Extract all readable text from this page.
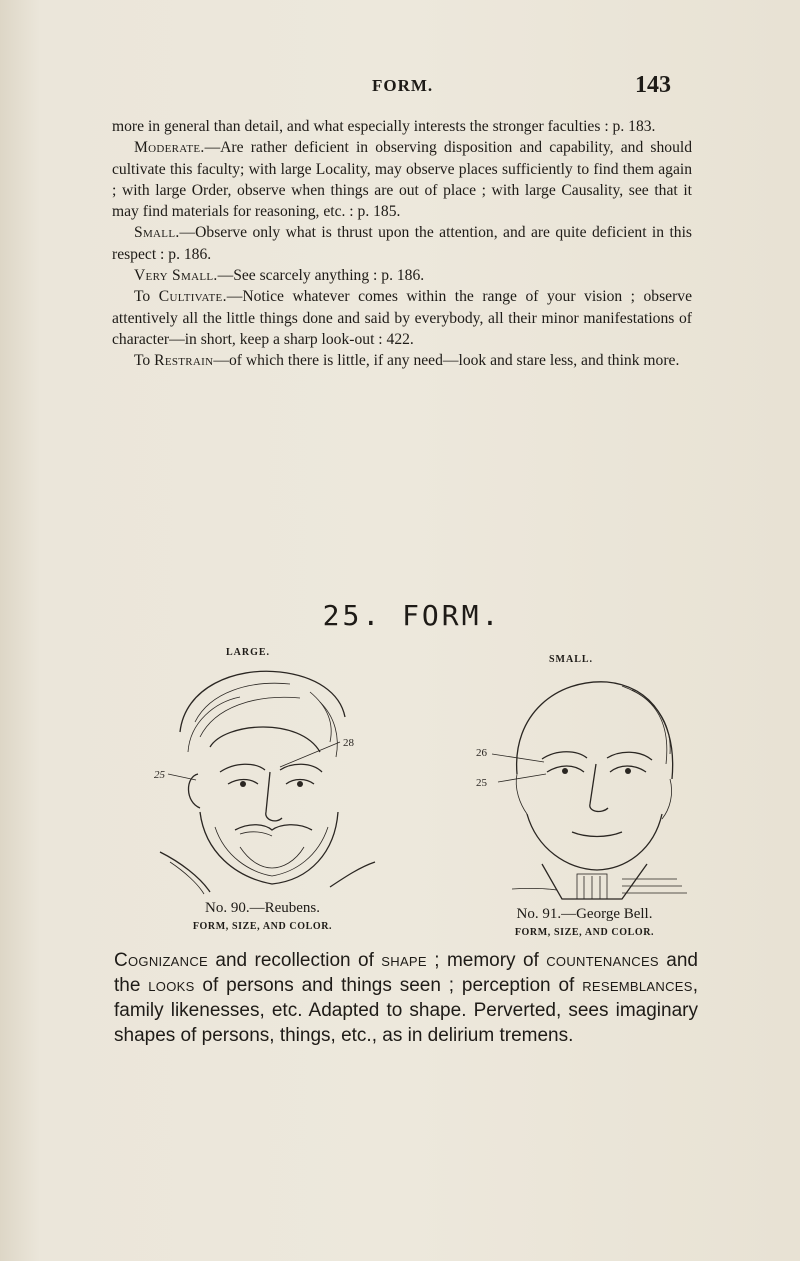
FORM.	143

more in general than detail, and what especially interests the stronger faculties : p. 183.

Moderate.—Are rather deficient in observing disposition and capability, and should cultivate this faculty; with large Locality, may observe places sufficiently to find them again ; with large Order, observe when things are out of place ; with large Causality, see that it may find materials for reasoning, etc. : p. 185.

Small.—Observe only what is thrust upon the attention, and are quite deficient in this respect : p. 186.

Very Small.—See scarcely anything : p. 186.

To Cultivate.—Notice whatever comes within the range of your vision ; observe attentively all the little things done and said by everybody, all their minor manifestations of character—in short, keep a sharp look-out : 422.

To Restrain—of which there is little, if any need—look and stare less, and think more.

25. FORM.
LARGE.
SMALL.
25
28
26
25
No. 90.—Reubens.
FORM, SIZE, AND COLOR.
No. 91.—George Bell.
FORM, SIZE, AND COLOR.

Cognizance and recollection of shape ; memory of countenances and the looks of persons and things seen ; perception of resemblances, family likenesses, etc. Adapted to shape. Perverted, sees imaginary shapes of persons, things, etc., as in delirium tremens.
